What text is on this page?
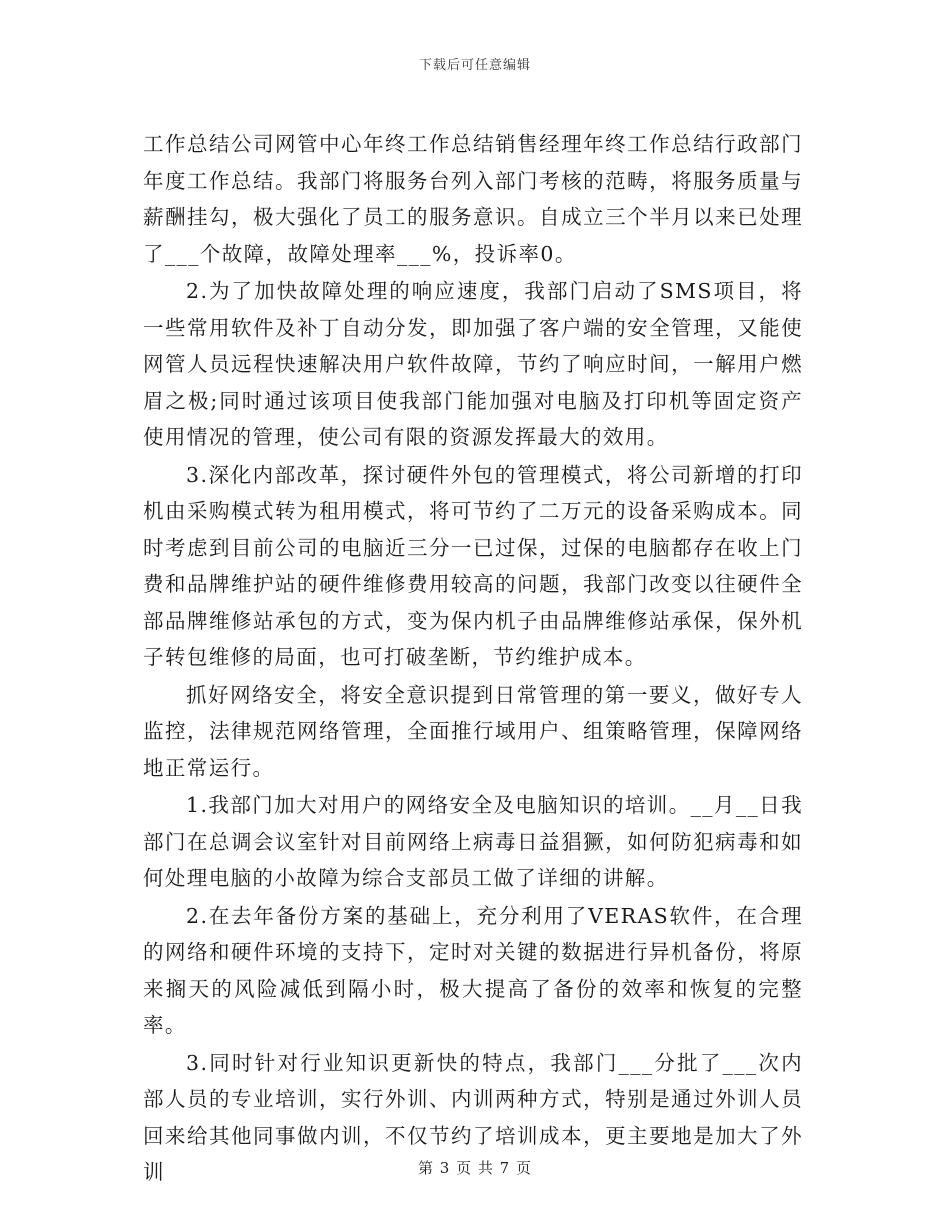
下载后可任意编辑

工作总结公司网管中心年终工作总结销售经理年终工作总结行政部门年度工作总结。我部门将服务台列入部门考核的范畴，将服务质量与薪酬挂勾，极大强化了员工的服务意识。自成立三个半月以来已处理了___个故障，故障处理率___%，投诉率0。

2.为了加快故障处理的响应速度，我部门启动了SMS项目，将一些常用软件及补丁自动分发，即加强了客户端的安全管理，又能使网管人员远程快速解决用户软件故障，节约了响应时间，一解用户燃眉之极;同时通过该项目使我部门能加强对电脑及打印机等固定资产使用情况的管理，使公司有限的资源发挥最大的效用。

3.深化内部改革，探讨硬件外包的管理模式，将公司新增的打印机由采购模式转为租用模式，将可节约了二万元的设备采购成本。同时考虑到目前公司的电脑近三分一已过保，过保的电脑都存在收上门费和品牌维护站的硬件维修费用较高的问题，我部门改变以往硬件全部品牌维修站承包的方式，变为保内机子由品牌维修站承保，保外机子转包维修的局面，也可打破垄断，节约维护成本。

抓好网络安全，将安全意识提到日常管理的第一要义，做好专人监控，法律规范网络管理，全面推行域用户、组策略管理，保障网络地正常运行。

1.我部门加大对用户的网络安全及电脑知识的培训。__月__日我部门在总调会议室针对目前网络上病毒日益猖獗，如何防犯病毒和如何处理电脑的小故障为综合支部员工做了详细的讲解。

2.在去年备份方案的基础上，充分利用了VERAS软件，在合理的网络和硬件环境的支持下，定时对关键的数据进行异机备份，将原来搁天的风险减低到隔小时，极大提高了备份的效率和恢复的完整率。

3.同时针对行业知识更新快的特点，我部门___分批了___次内部人员的专业培训，实行外训、内训两种方式，特别是通过外训人员回来给其他同事做内训，不仅节约了培训成本，更主要地是加大了外训	第 3 页 共 7 页
